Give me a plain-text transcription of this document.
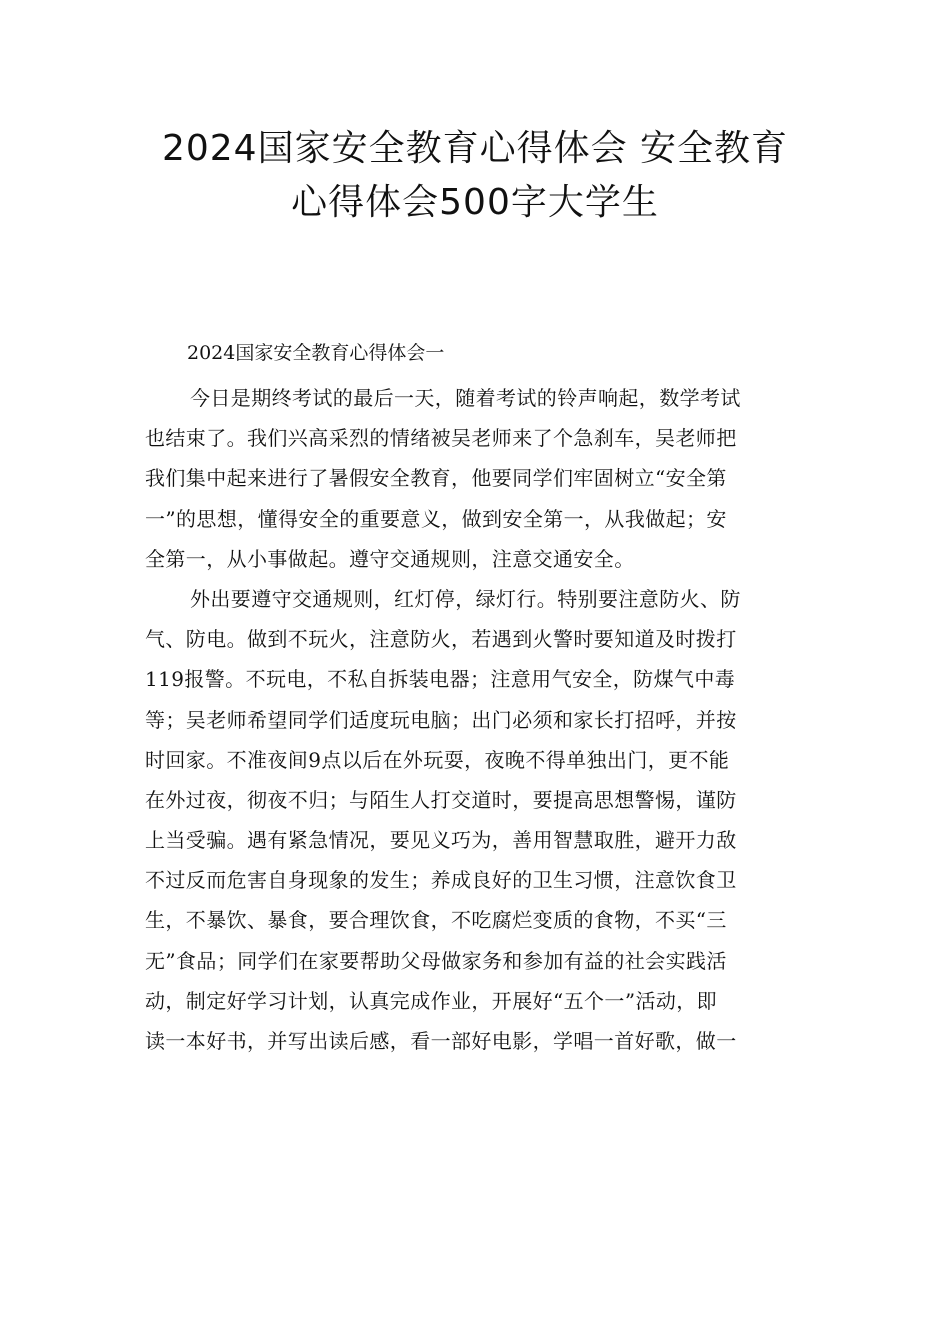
2024国家安全教育心得体会 安全教育
心得体会500字大学生

2024国家安全教育心得体会一

今日是期终考试的最后一天，随着考试的铃声响起，数学考试
也结束了。我们兴高采烈的情绪被吴老师来了个急刹车，吴老师把
我们集中起来进行了暑假安全教育，他要同学们牢固树立“安全第
一”的思想，懂得安全的重要意义，做到安全第一，从我做起；安
全第一，从小事做起。遵守交通规则，注意交通安全。
外出要遵守交通规则，红灯停，绿灯行。特别要注意防火、防
气、防电。做到不玩火，注意防火，若遇到火警时要知道及时拨打
119报警。不玩电，不私自拆装电器；注意用气安全，防煤气中毒
等；吴老师希望同学们适度玩电脑；出门必须和家长打招呼，并按
时回家。不准夜间9点以后在外玩耍，夜晚不得单独出门，更不能
在外过夜，彻夜不归；与陌生人打交道时，要提高思想警惕，谨防
上当受骗。遇有紧急情况，要见义巧为，善用智慧取胜，避开力敌
不过反而危害自身现象的发生；养成良好的卫生习惯，注意饮食卫
生，不暴饮、暴食，要合理饮食，不吃腐烂变质的食物，不买“三
无”食品；同学们在家要帮助父母做家务和参加有益的社会实践活
动，制定好学习计划，认真完成作业，开展好“五个一”活动，即
读一本好书，并写出读后感，看一部好电影，学唱一首好歌，做一
